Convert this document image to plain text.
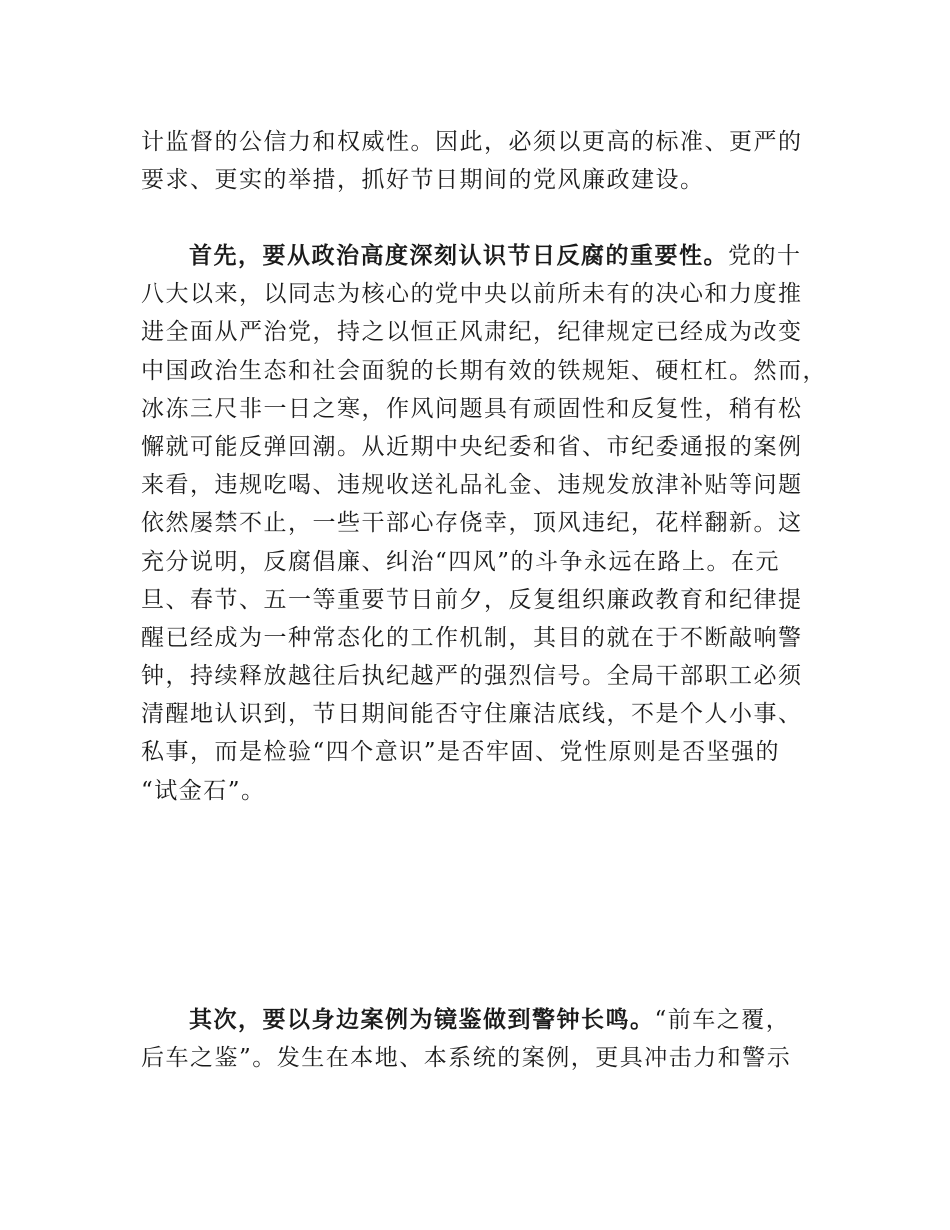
计监督的公信力和权威性。因此，必须以更高的标准、更严的
要求、更实的举措，抓好节日期间的党风廉政建设。
首先，要从政治高度深刻认识节日反腐的重要性。党的十
八大以来，以同志为核心的党中央以前所未有的决心和力度推
进全面从严治党，持之以恒正风肃纪，纪律规定已经成为改变
中国政治生态和社会面貌的长期有效的铁规矩、硬杠杠。然而，
冰冻三尺非一日之寒，作风问题具有顽固性和反复性，稍有松
懈就可能反弹回潮。从近期中央纪委和省、市纪委通报的案例
来看，违规吃喝、违规收送礼品礼金、违规发放津补贴等问题
依然屡禁不止，一些干部心存侥幸，顶风违纪，花样翻新。这
充分说明，反腐倡廉、纠治“四风”的斗争永远在路上。在元
旦、春节、五一等重要节日前夕，反复组织廉政教育和纪律提
醒已经成为一种常态化的工作机制，其目的就在于不断敲响警
钟，持续释放越往后执纪越严的强烈信号。全局干部职工必须
清醒地认识到，节日期间能否守住廉洁底线，不是个人小事、
私事，而是检验“四个意识”是否牢固、党性原则是否坚强的
“试金石”。
其次，要以身边案例为镜鉴做到警钟长鸣。“前车之覆，
后车之鉴”。发生在本地、本系统的案例，更具冲击力和警示
